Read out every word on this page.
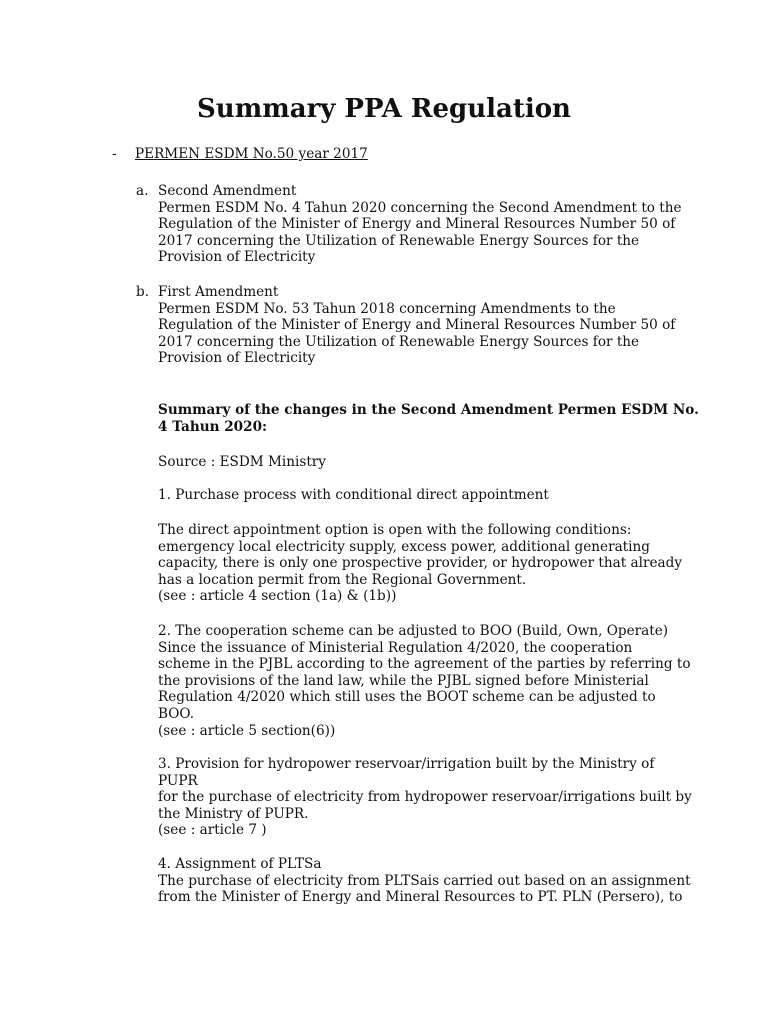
Summary PPA Regulation
- PERMEN ESDM No.50 year 2017
a. Second Amendment
Permen ESDM No. 4 Tahun 2020 concerning the Second Amendment to the
Regulation of the Minister of Energy and Mineral Resources Number 50 of
2017 concerning the Utilization of Renewable Energy Sources for the
Provision of Electricity
b. First Amendment
Permen ESDM No. 53 Tahun 2018 concerning Amendments to the
Regulation of the Minister of Energy and Mineral Resources Number 50 of
2017 concerning the Utilization of Renewable Energy Sources for the
Provision of Electricity
Summary of the changes in the Second Amendment Permen ESDM No.
4 Tahun 2020:
Source : ESDM Ministry
1. Purchase process with conditional direct appointment
The direct appointment option is open with the following conditions:
emergency local electricity supply, excess power, additional generating
capacity, there is only one prospective provider, or hydropower that already
has a location permit from the Regional Government.
(see : article 4 section (1a) & (1b))
2. The cooperation scheme can be adjusted to BOO (Build, Own, Operate)
Since the issuance of Ministerial Regulation 4/2020, the cooperation
scheme in the PJBL according to the agreement of the parties by referring to
the provisions of the land law, while the PJBL signed before Ministerial
Regulation 4/2020 which still uses the BOOT scheme can be adjusted to
BOO.
(see : article 5 section(6))
3. Provision for hydropower reservoar/irrigation built by the Ministry of
PUPR
for the purchase of electricity from hydropower reservoar/irrigations built by
the Ministry of PUPR.
(see : article 7 )
4. Assignment of PLTSa
The purchase of electricity from PLTSais carried out based on an assignment
from the Minister of Energy and Mineral Resources to PT. PLN (Persero), to
